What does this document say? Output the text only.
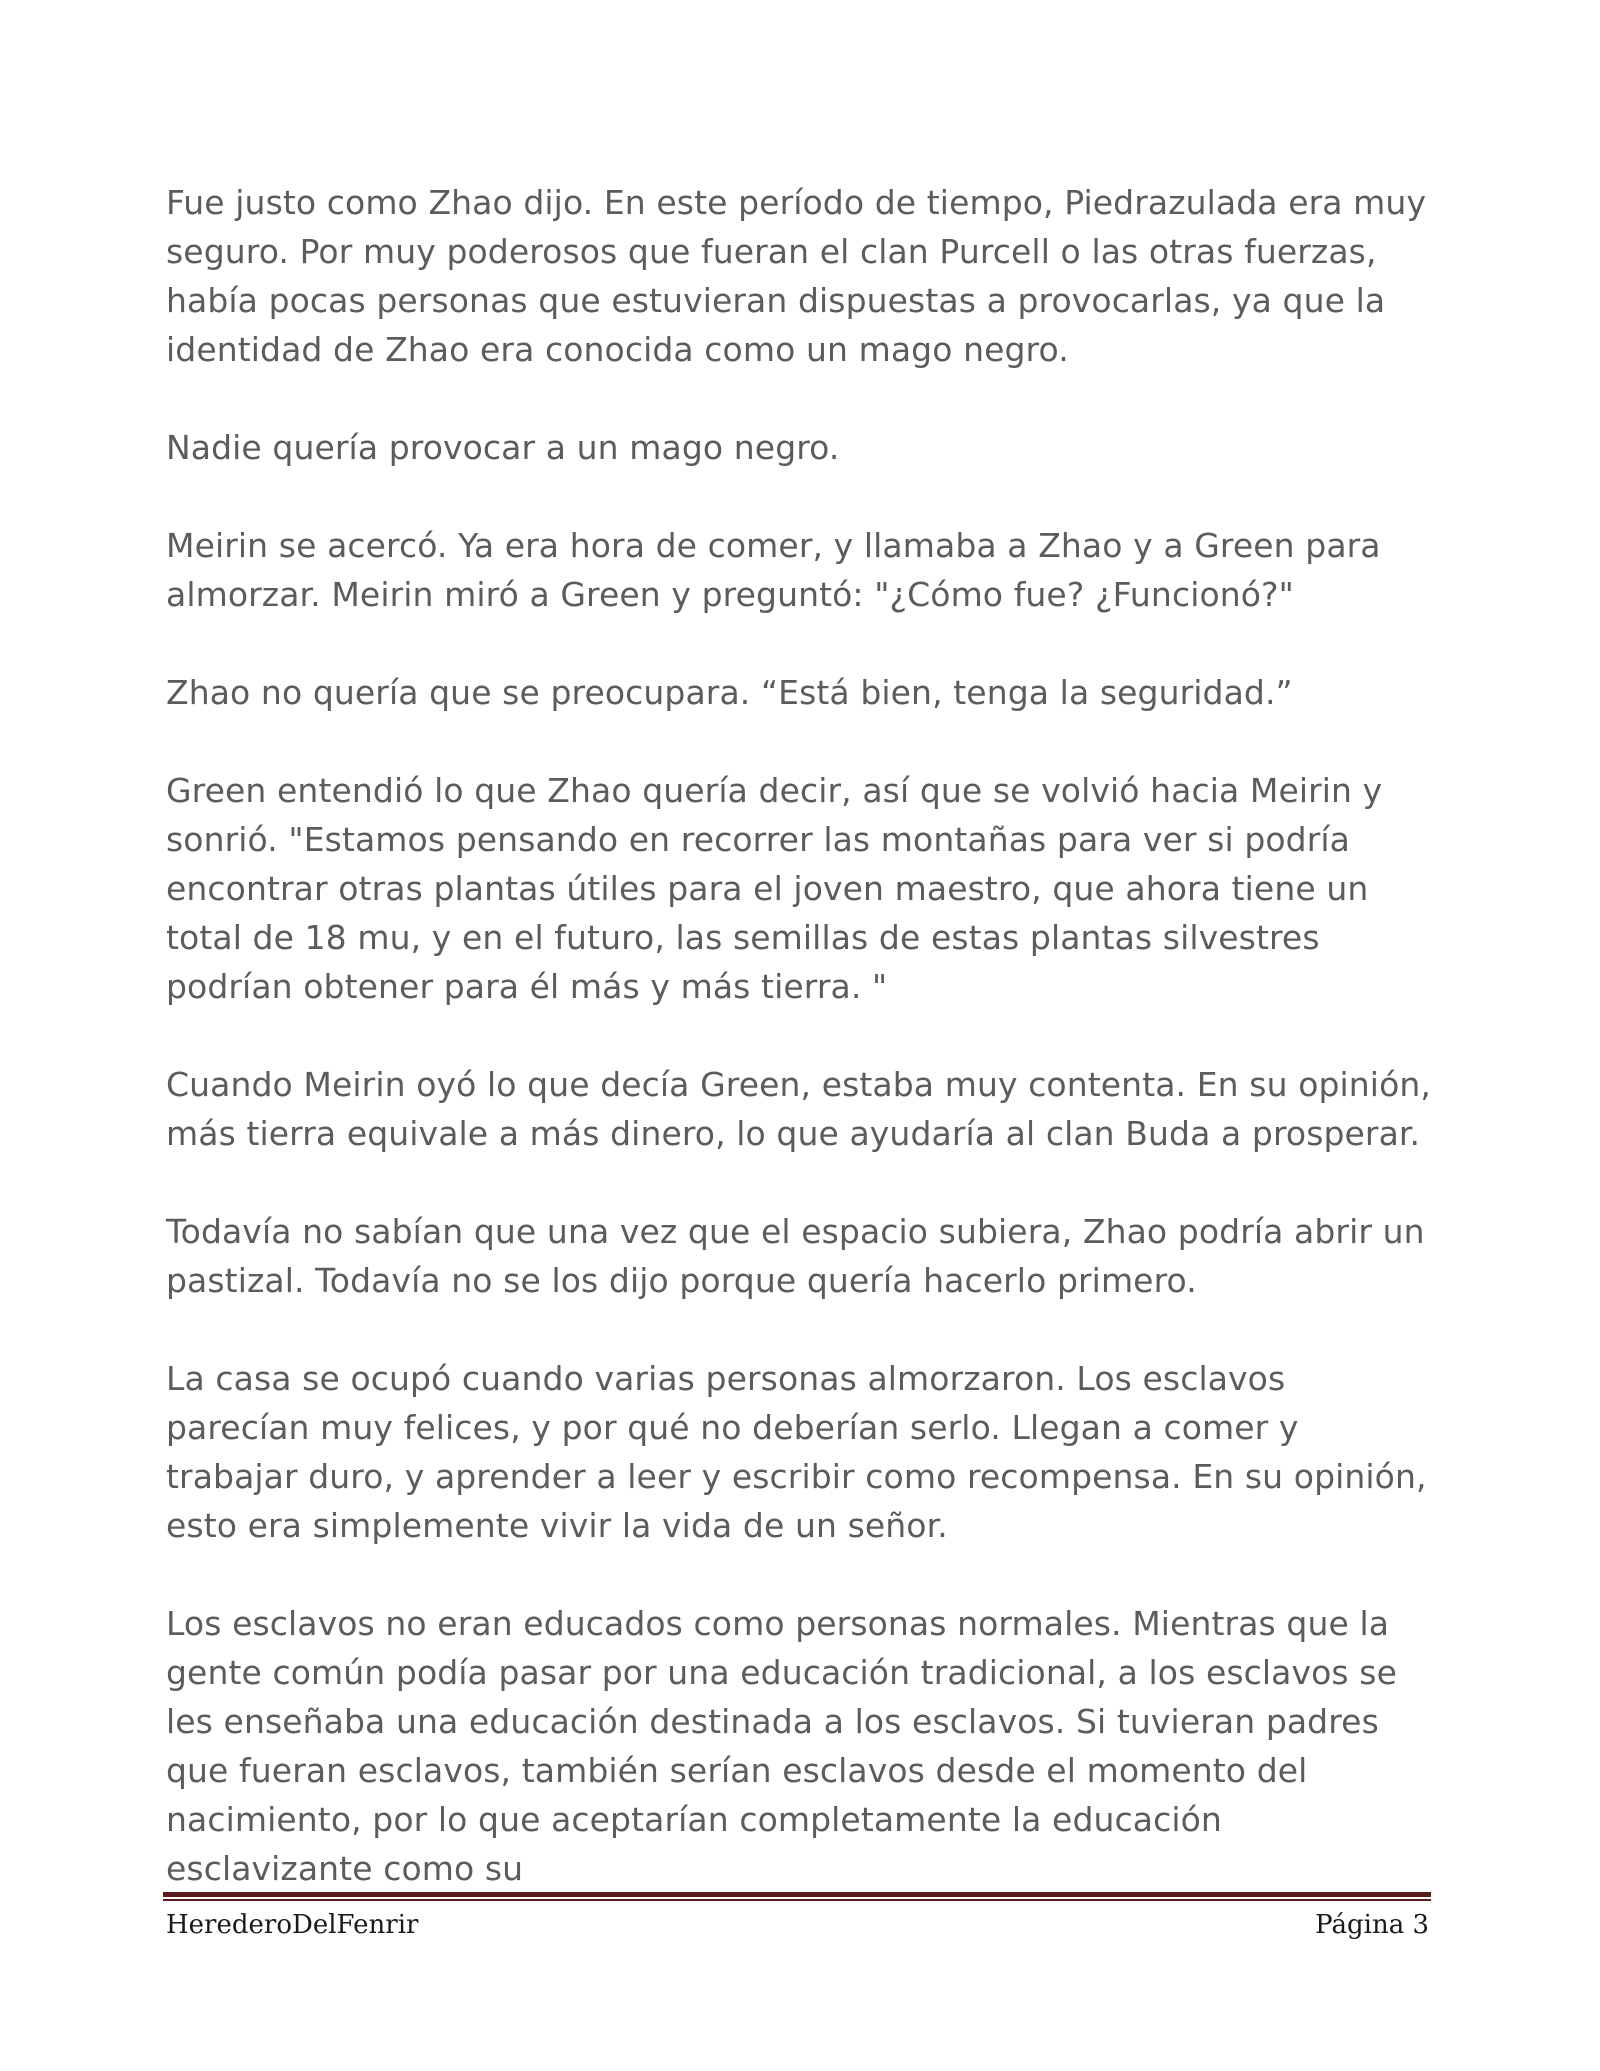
Fue justo como Zhao dijo. En este período de tiempo, Piedrazulada era muy seguro. Por muy poderosos que fueran el clan Purcell o las otras fuerzas, había pocas personas que estuvieran dispuestas a provocarlas, ya que la identidad de Zhao era conocida como un mago negro.

Nadie quería provocar a un mago negro.

Meirin se acercó. Ya era hora de comer, y llamaba a Zhao y a Green para almorzar. Meirin miró a Green y preguntó: "¿Cómo fue? ¿Funcionó?"

Zhao no quería que se preocupara. “Está bien, tenga la seguridad.”

Green entendió lo que Zhao quería decir, así que se volvió hacia Meirin y sonrió. "Estamos pensando en recorrer las montañas para ver si podría encontrar otras plantas útiles para el joven maestro, que ahora tiene un total de 18 mu, y en el futuro, las semillas de estas plantas silvestres podrían obtener para él más y más tierra. "

Cuando Meirin oyó lo que decía Green, estaba muy contenta. En su opinión, más tierra equivale a más dinero, lo que ayudaría al clan Buda a prosperar.

Todavía no sabían que una vez que el espacio subiera, Zhao podría abrir un pastizal. Todavía no se los dijo porque quería hacerlo primero.

La casa se ocupó cuando varias personas almorzaron. Los esclavos parecían muy felices, y por qué no deberían serlo. Llegan a comer y trabajar duro, y aprender a leer y escribir como recompensa. En su opinión, esto era simplemente vivir la vida de un señor.

Los esclavos no eran educados como personas normales. Mientras que la gente común podía pasar por una educación tradicional, a los esclavos se les enseñaba una educación destinada a los esclavos. Si tuvieran padres que fueran esclavos, también serían esclavos desde el momento del nacimiento, por lo que aceptarían completamente la educación esclavizante como su

HerederoDelFenrir	Página 3
